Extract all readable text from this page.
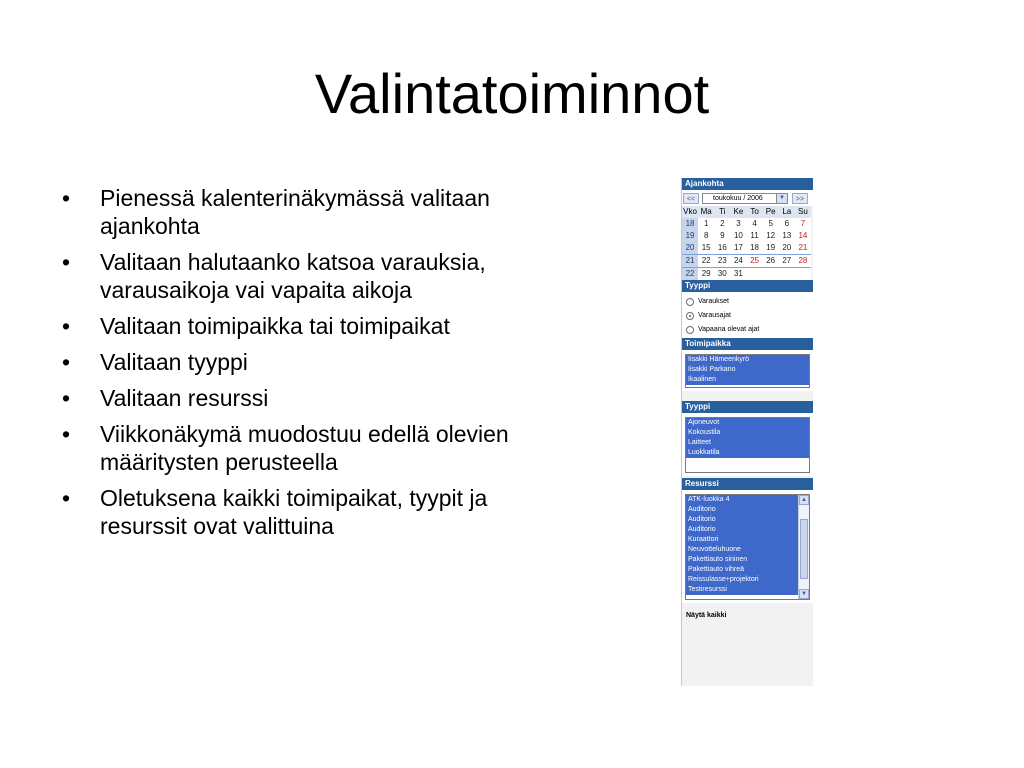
Valintatoiminnot
• Pienessä kalenterinäkymässä valitaan ajankohta
• Valitaan halutaanko katsoa varauksia, varausaikoja vai vapaita aikoja
• Valitaan toimipaikka tai toimipaikat
• Valitaan tyyppi
• Valitaan resurssi
• Viikkonäkymä muodostuu edellä olevien määritysten perusteella
• Oletuksena kaikki toimipaikat, tyypit ja resurssit ovat valittuina
Ajankohta
<<	toukokuu / 2006	▼	>>
Vko	Ma	Ti	Ke	To	Pe	La	Su
18	1	2	3	4	5	6	7
19	8	9	10	11	12	13	14
20	15	16	17	18	19	20	21
21	22	23	24	25	26	27	28
22	29	30	31				
Tyyppi
Varaukset
Varausajat
Vapaana olevat ajat
Toimipaikka
Iisakki Hämeenkyrö
Iisakki Parkano
Ikaalinen
Tyyppi
Ajoneuvot
Kokoustila
Laitteet
Luokkatila
Resurssi
ATK-luokka 4
Auditorio
Auditorio
Auditorio
Kuraattori
Neuvotteluhuone
Pakettiauto sininen
Pakettiauto vihreä
Reissulasse+projektori
Testiresurssi
▲
▼
Näytä kaikki
